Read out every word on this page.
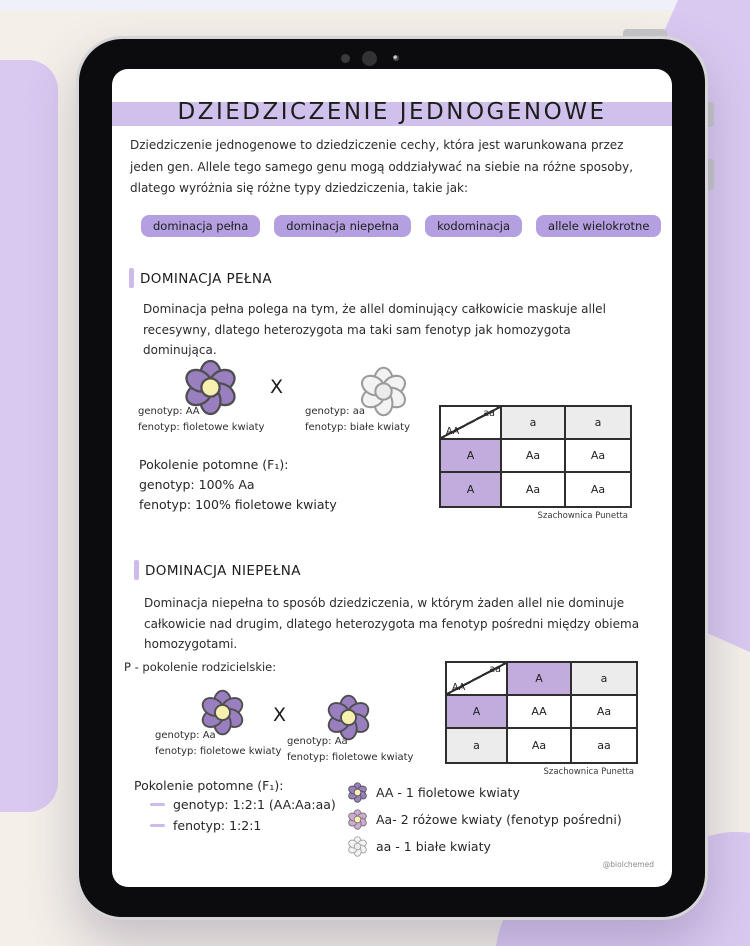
DZIEDZICZENIE JEDNOGENOWE
Dziedziczenie jednogenowe to dziedziczenie cechy, która jest warunkowana przez jeden gen. Allele tego samego genu mogą oddziaływać na siebie na różne sposoby, dlatego wyróżnia się różne typy dziedziczenia, takie jak:
dominacja pełna	dominacja niepełna	kodominacja	allele wielokrotne
DOMINACJA PEŁNA
Dominacja pełna polega na tym, że allel dominujący całkowicie maskuje allel recesywny, dlatego heterozygota ma taki sam fenotyp jak homozygota dominująca.
X
genotyp: AA
fenotyp: fioletowe kwiaty
genotyp: aa
fenotyp: białe kwiaty
aa
AA
a	a
A	Aa	Aa
A	Aa	Aa
Szachownica Punetta
Pokolenie potomne (F₁):
genotyp: 100% Aa
fenotyp: 100% fioletowe kwiaty
DOMINACJA NIEPEŁNA
Dominacja niepełna to sposób dziedziczenia, w którym żaden allel nie dominuje całkowicie nad drugim, dlatego heterozygota ma fenotyp pośredni między obiema homozygotami.
P - pokolenie rodzicielskie:
X
genotyp: Aa
fenotyp: fioletowe kwiaty
genotyp: Aa
fenotyp: fioletowe kwiaty
aa
AA
A	a
A	AA	Aa
a	Aa	aa
Szachownica Punetta
Pokolenie potomne (F₁):
genotyp: 1:2:1 (AA:Aa:aa)
fenotyp: 1:2:1
AA - 1 fioletowe kwiaty
Aa- 2 różowe kwiaty (fenotyp pośredni)
aa - 1 białe kwiaty
@biolchemed
